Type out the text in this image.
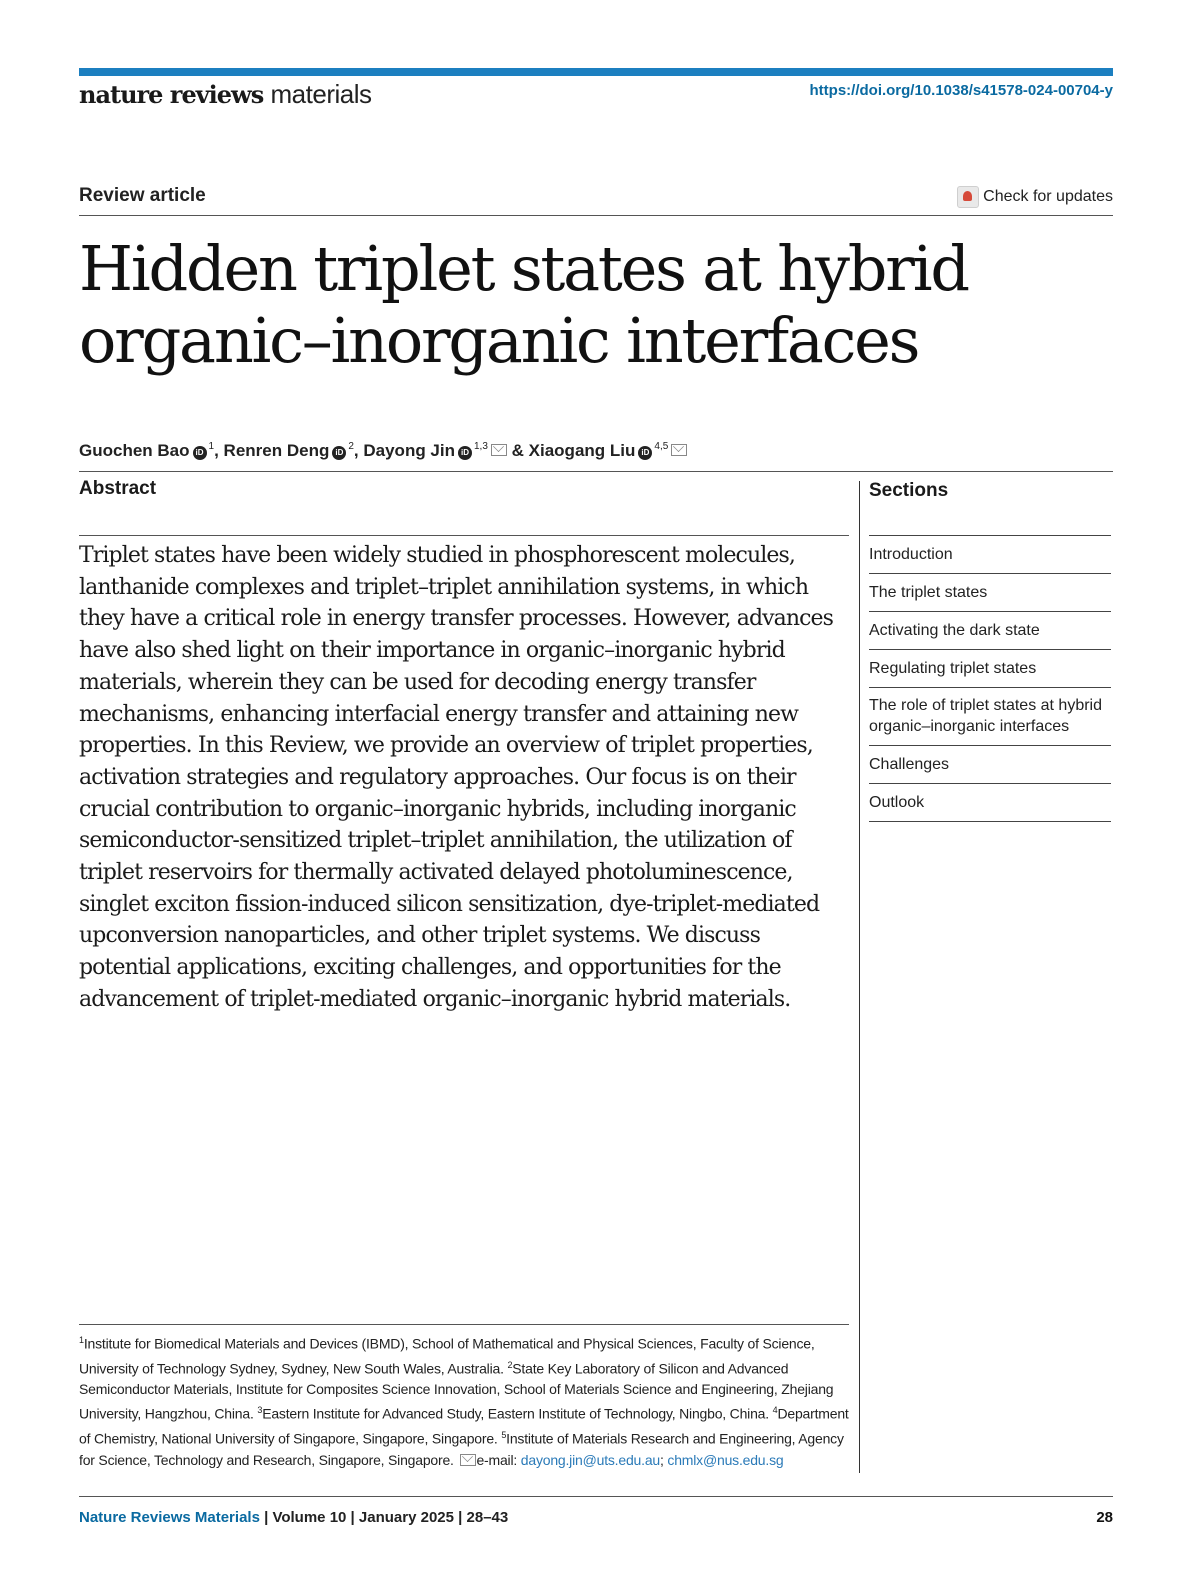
nature reviews materials	https://doi.org/10.1038/s41578-024-00704-y
Review article	Check for updates
Hidden triplet states at hybrid organic–inorganic interfaces
Guochen Bao iD
1 ,
Renren Deng iD
2 ,
Dayong Jin iD
1,3
&
Xiaogang Liu iD
4,5
Abstract

Triplet states have been widely studied in phosphorescent molecules, lanthanide complexes and triplet–triplet annihilation systems, in which they have a critical role in energy transfer processes. However, advances have also shed light on their importance in organic–inorganic hybrid materials, wherein they can be used for decoding energy transfer mechanisms, enhancing interfacial energy transfer and attaining new properties. In this Review, we provide an overview of triplet properties, activation strategies and regulatory approaches. Our focus is on their crucial contribution to organic–inorganic hybrids, including inorganic semiconductor-sensitized triplet–triplet annihilation, the utilization of triplet reservoirs for thermally activated delayed photoluminescence, singlet exciton fission-induced silicon sensitization, dye-triplet-mediated upconversion nanoparticles, and other triplet systems. We discuss potential applications, exciting challenges, and opportunities for the advancement of triplet-mediated organic–inorganic hybrid materials.

Sections
Introduction
The triplet states
Activating the dark state
Regulating triplet states
The role of triplet states at hybrid organic–inorganic interfaces
Challenges
Outlook

$^1$Institute for Biomedical Materials and Devices (IBMD), School of Mathematical and Physical Sciences, Faculty of Science, University of Technology Sydney, Sydney, New South Wales, Australia. $^2$State Key Laboratory of Silicon and Advanced Semiconductor Materials, Institute for Composites Science Innovation, School of Materials Science and Engineering, Zhejiang University, Hangzhou, China. $^3$Eastern Institute for Advanced Study, Eastern Institute of Technology, Ningbo, China. $^4$Department of Chemistry, National University of Singapore, Singapore, Singapore. $^5$Institute of Materials Research and Engineering, Agency for Science, Technology and Research, Singapore, Singapore. e-mail: dayong.jin@uts.edu.au; chmlx@nus.edu.sg

Nature Reviews Materials | Volume 10 | January 2025 | 28–43	28
